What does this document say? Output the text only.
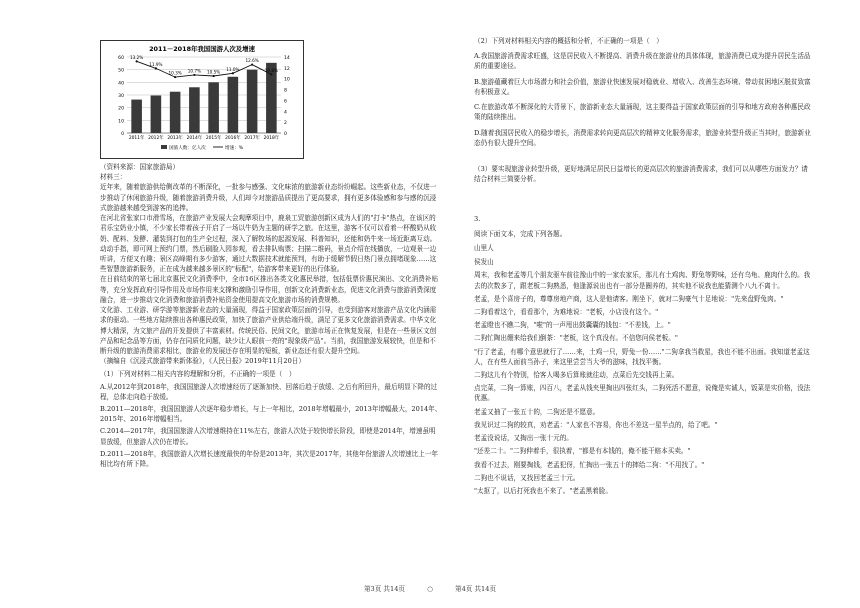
2011－2018年我国国游人次及增速
60
50
40
30
20
10
0
14
12
10
8
6
4
2
0
2011年 2012年 2013年 2014年 2015年 2016年 2017年 2018年
13.2%
11.9%
10.3% 10.7% 10.5%
11.0%
12.6%
10.8%
国旅人数：亿人次	增速：%

（资料来源：国家旅游局）

材料三：

近年来，随着旅游供给侧改革的不断深化，一批参与感强、文化味浓的旅游新业态纷纷崛起。这些新业态，不仅进一步推动了休闲旅游升级，随着旅游消费升级，人们却今对旅游品质提出了更高要求，拥有更多体验感和参与感的沉浸式旅游越来越受到游客的追捧。

在河北省张家口市滑雪场，在旅游产业发展大会观摩项目中，鹿泉工贸旅游创新区成为人们的"打卡"热点，在该区的君乐宝奶业小镇，不少家长带着孩子开启了一场以牛奶为主题的研学之旅。在这里，游客不仅可以看着一杯酸奶从收奶、配料、发酵、灌装到打包的生产全过程，深入了解牧场的起源发展、科普知识，还能和奶牛来一场近距离互动。

动动手指，即可网上预约门票，然后刷脸入园参观，看去排队购票；扫描二维码，景点介绍在线播放，一边观景一边听讲，方便又有趣；景区高峰期有多少游客，通过大数据技术就能预判，有助于缓解节假日热门景点拥堵现象……这些智慧旅游新服务，正在成为越来越多景区的"标配"，给游客带来更好的出行体验。

在日前结束的第七届北京惠民文化消费季中，全市16区推出各类文化惠民举措，包括低票价惠民演出、文化消费补贴等，充分发挥政府引导作用及市场作用来支撑和激励引导作用，创新文化消费新业态，促进文化消费与旅游消费深度融合，进一步推动文化消费和旅游消费补贴资金使用提高文化旅游市场的消费规模。

文化游、工业游、研学游等旅游新业态的大量涌现，得益于国家政策层面的引导，也受到游客对旅游产品文化内涵需求的驱动。一些地方陆续推出各种惠民政策，加快了旅游产业供给端升级，满足了更多文化旅游消费需求。中华文化博大精深，为文旅产品的开发提供了丰富素材。传统民俗、民间文化，旅游市场正在恢复发展，但是在一些景区文创产品和纪念品等方面，仍存在同质化问题，缺少让人眼前一亮的"现象级产品"。当前，我国旅游发展较快，但是和不断升级的旅游消费需求相比，旅游业的发展还存在明显的短板，新业态还有很大提升空间。

（摘编自《沉浸式旅游带来新体验》，《人民日报》2019年11月20日）

（1）下列对材料二相关内容的理解和分析，不正确的一项是（　）

A.从2012年到2018年，我国国旅游人次增速经历了逐渐加快、回落后趋于放缓、之后有所回升，最后明显下降的过程，总体走向趋于放缓。

B.2011—2018年，我国国旅游人次逐年稳步增长，与上一年相比，2018年增幅最小，2013年增幅最大，2014年、2015年、2016年增幅相当。

C.2014—2017年，我国国旅游人次增速维持在11%左右，旅游人次处于较快增长阶段，即使是2014年，增速虽明显放缓，但旅游人次仍在增长。

D.2011—2018年，我国旅游人次增长速度最快的年份是2013年，其次是2017年，其他年份旅游人次增速比上一年相比均有所下降。

（2）下列对材料相关内容的概括和分析，不正确的一项是（　）

A.我国旅游消费需求旺盛，这是居民收入不断提高、消费升级在旅游业的具体体现，旅游消费已成为提升居民生活品质的重要途径。

B.旅游蕴藏着巨大市场潜力和社会价值，旅游业快速发展对稳就业、增收入、改善生态环境、带动贫困地区脱贫致富有积极意义。

C.在旅游改革不断深化的大背景下，旅游新业态大量涌现，这主要得益于国家政策层面的引导和地方政府各种惠民政策的陆续推出。

D.随着我国居民收入的稳步增长，消费需求转向更高层次的精神文化服务需求，旅游业转型升级正当其时，旅游新业态仍有很大提升空间。

（3）要实现旅游业转型升级，更好地满足居民日益增长的更高层次的旅游消费需求，我们可以从哪些方面发力？请结合材料三简要分析。

3.

阅读下面文本，完成下列各题。

山里人

侯发山

周末，我和老孟等几个朋友驱车前往豫山中的一家农家乐，那儿有土鸡肉、野兔等野味，还有乌龟、鹿肉什么的。我去的次数多了，跟老板二狗熟悉，他逢源说出也有一部分是圈养的，其实他不说我也能猜测个八九不离十。

老孟，是个喜房子的，尊尊房地产商，这人是他请客。刚坐下，就对二狗豪气十足地说："先来盘野兔肉。"

二狗看着这个，看看那个，为难地说："老板，小店没有这个。"

老孟瞪也不瞧二狗，"啦"的一声甩出鼓囊囊的钱包："不差钱，上。"

二狗忙陶出绷来给我们倒茶："老板，这个真没有。不信您问侯老板。"

"行了老孟，有哪个意思就行了……来，土鸡一只，野兔一份……"二狗拿我当救星，我也不能不出面。我知道老孟这人，在有些人面前当孙子，来这里尝尝当大爷的滋味，找找平衡。

二狗这儿有个特别，恰客人喝多后算账就往动，点菜后先交钱再上菜。

点完菜，二狗一算账，四百八，老孟从钱夹里掏出四张红头，二狗死活不愿意，说俺是实诚人，饭菜是实价格，没法优惠。

老孟又抽了一张五十的，二狗还是不愿意。

我见识过二狗的较真，劝老孟："人家也不容易，你也不差这一星半点的，给了吧。"

老孟没说话，又掏出一张十元的。

"还差二十。"二狗伸着手，很执着，"都是有本钱的，俺不能干赔本买卖。"

我看不过去，刚要掏钱，老孟犯伢，忙掏出一张五十的摔给二狗："不用找了。"

二狗也不说话，又找回老孟三十元。

"太抠了，以后打死我也不来了。"老孟黑着脸。

第3页 共14页	○	第4页 共14页
